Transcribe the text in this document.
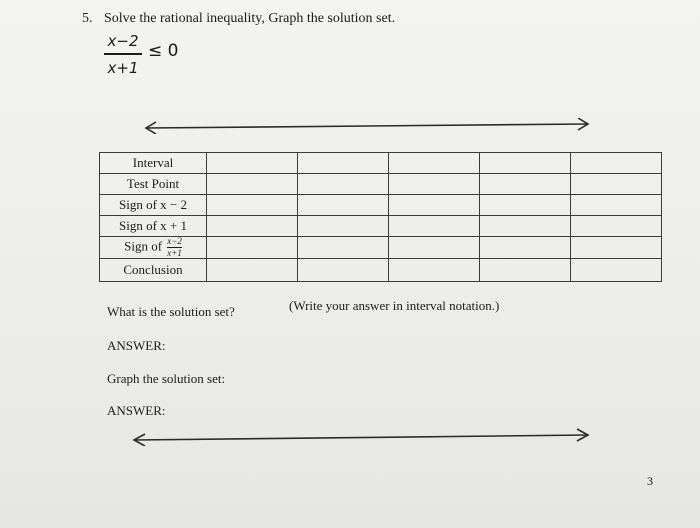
5. Solve the rational inequality, Graph the solution set.
x−2
x+1
≤ 0
Interval					
Test Point					
Sign of x − 2					
Sign of x + 1					
Sign of $\frac{x-2}{x+1}$					
Conclusion					
What is the solution set?	(Write your answer in interval notation.)
ANSWER:
Graph the solution set:
ANSWER:
3
